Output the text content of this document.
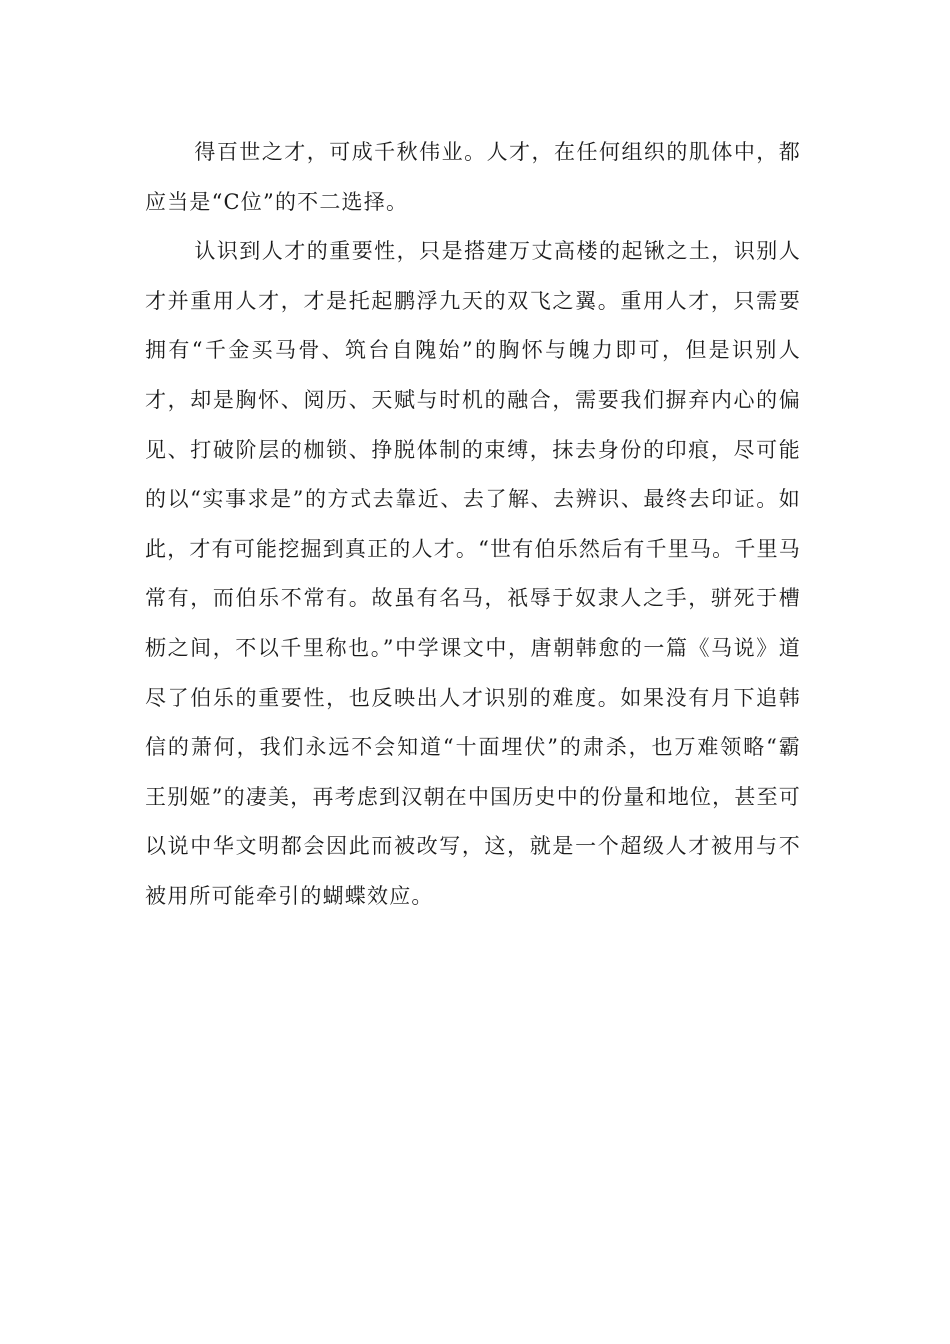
得百世之才，可成千秋伟业。人才，在任何组织的肌体中，都应当是“C位”的不二选择。

认识到人才的重要性，只是搭建万丈高楼的起锹之土，识别人才并重用人才，才是托起鹏浮九天的双飞之翼。重用人才，只需要拥有“千金买马骨、筑台自隗始”的胸怀与魄力即可，但是识别人才，却是胸怀、阅历、天赋与时机的融合，需要我们摒弃内心的偏见、打破阶层的枷锁、挣脱体制的束缚，抹去身份的印痕，尽可能的以“实事求是”的方式去靠近、去了解、去辨识、最终去印证。如此，才有可能挖掘到真正的人才。“世有伯乐然后有千里马。千里马常有，而伯乐不常有。故虽有名马，祇辱于奴隶人之手，骈死于槽枥之间，不以千里称也。”中学课文中，唐朝韩愈的一篇《马说》道尽了伯乐的重要性，也反映出人才识别的难度。如果没有月下追韩信的萧何，我们永远不会知道“十面埋伏”的肃杀，也万难领略“霸王别姬”的凄美，再考虑到汉朝在中国历史中的份量和地位，甚至可以说中华文明都会因此而被改写，这，就是一个超级人才被用与不被用所可能牵引的蝴蝶效应。
